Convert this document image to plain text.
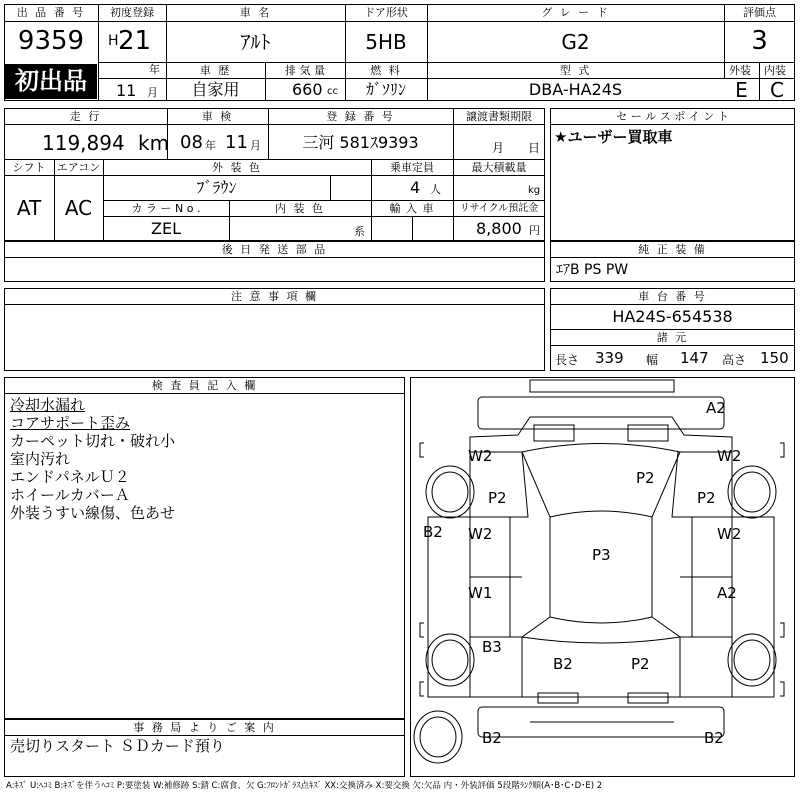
出 品 番 号
9359
初出品
初度登録
H 21
年
車 名
ｱﾙﾄ
ドア形状
5HB
グ レ ー ド
G2
評価点
3
11 月
車 歴
自家用
排 気 量
660 cc
燃 料
ｶﾞｿﾘﾝ
型 式
DBA-HA24S
外装 内装
E	C
走 行
119,894 km
車 検
08 年 11 月
登 録 番 号
三河 581ｽ9393
譲渡書類期限
月 日
シフト
AT
エアコン
AC
外 装 色
ﾌﾞﾗｳﾝ
乗車定員
4 人
最大積載量
kg
カ ラ ー N o .
ZEL
内 装 色
系
輸 入 車	リサイクル預託金
8,800 円
セ ー ル ス ポ イ ン ト
★ユーザー買取車
後 日 発 送 部 品	純 正 装 備
ｴｱB PS PW
注 意 事 項 欄	車 台 番 号
HA24S-654538
諸 元
長さ 339 幅 147 高さ 150
検 査 員 記 入 欄
冷却水漏れ
コアサポート歪み
カーペット切れ・破れ小
室内汚れ
エンドパネルＵ２
ホイールカバーＡ
外装うすい線傷、色あせ
事 務 局 よ り ご 案 内
売切りスタート ＳＤカード預り
A2
W2	W2
P2
P2	P2
B2 W2	W2
P3
W1	A2
B3
B2	P2
B2	B2
A:ｷｽﾞ U:ﾍｺﾐ B:ｷｽﾞを伴うﾍｺﾐ P:要塗装 W:補修跡 S:錆 C:腐食、欠 G:ﾌﾛﾝﾄｶﾞﾗｽ点ｷｽﾞ XX:交換済み X:要交換 欠:欠品 内・外装評価 5段階ﾗﾝｸ順(A･B･C･D･E) 2
